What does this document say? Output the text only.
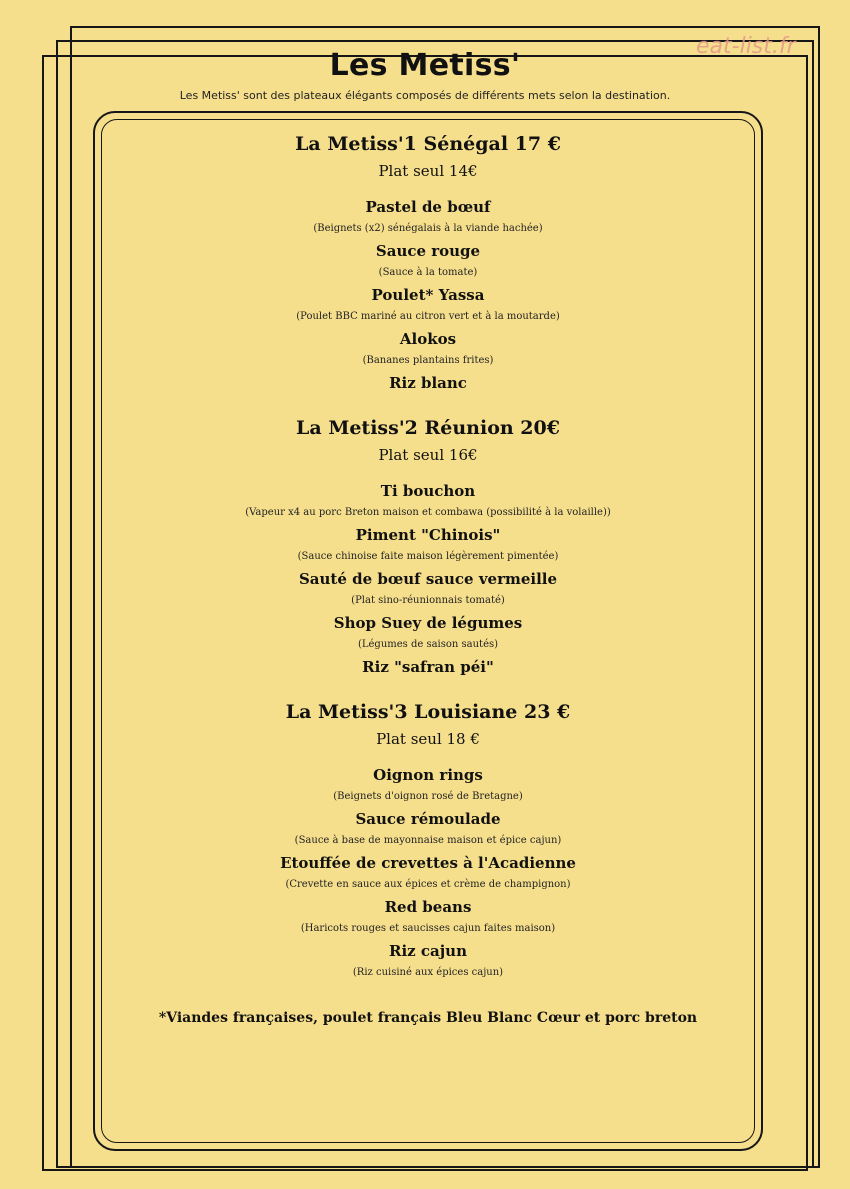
eat-list.fr
Les Metiss'
Les Metiss' sont des plateaux élégants composés de différents mets selon la destination.
La Metiss'1 Sénégal 17 €
Plat seul 14€
Pastel de bœuf
(Beignets (x2) sénégalais à la viande hachée)
Sauce rouge
(Sauce à la tomate)
Poulet* Yassa
(Poulet BBC mariné au citron vert et à la moutarde)
Alokos
(Bananes plantains frites)
Riz blanc
La Metiss'2 Réunion 20€
Plat seul 16€
Ti bouchon
(Vapeur x4 au porc Breton maison et combawa (possibilité à la volaille))
Piment "Chinois"
(Sauce chinoise faite maison légèrement pimentée)
Sauté de bœuf sauce vermeille
(Plat sino-réunionnais tomaté)
Shop Suey de légumes
(Légumes de saison sautés)
Riz "safran péi"
La Metiss'3 Louisiane 23 €
Plat seul 18 €
Oignon rings
(Beignets d'oignon rosé de Bretagne)
Sauce rémoulade
(Sauce à base de mayonnaise maison et épice cajun)
Etouffée de crevettes à l'Acadienne
(Crevette en sauce aux épices et crème de champignon)
Red beans
(Haricots rouges et saucisses cajun faites maison)
Riz cajun
(Riz cuisiné aux épices cajun)
*Viandes françaises, poulet français Bleu Blanc Cœur et porc breton
